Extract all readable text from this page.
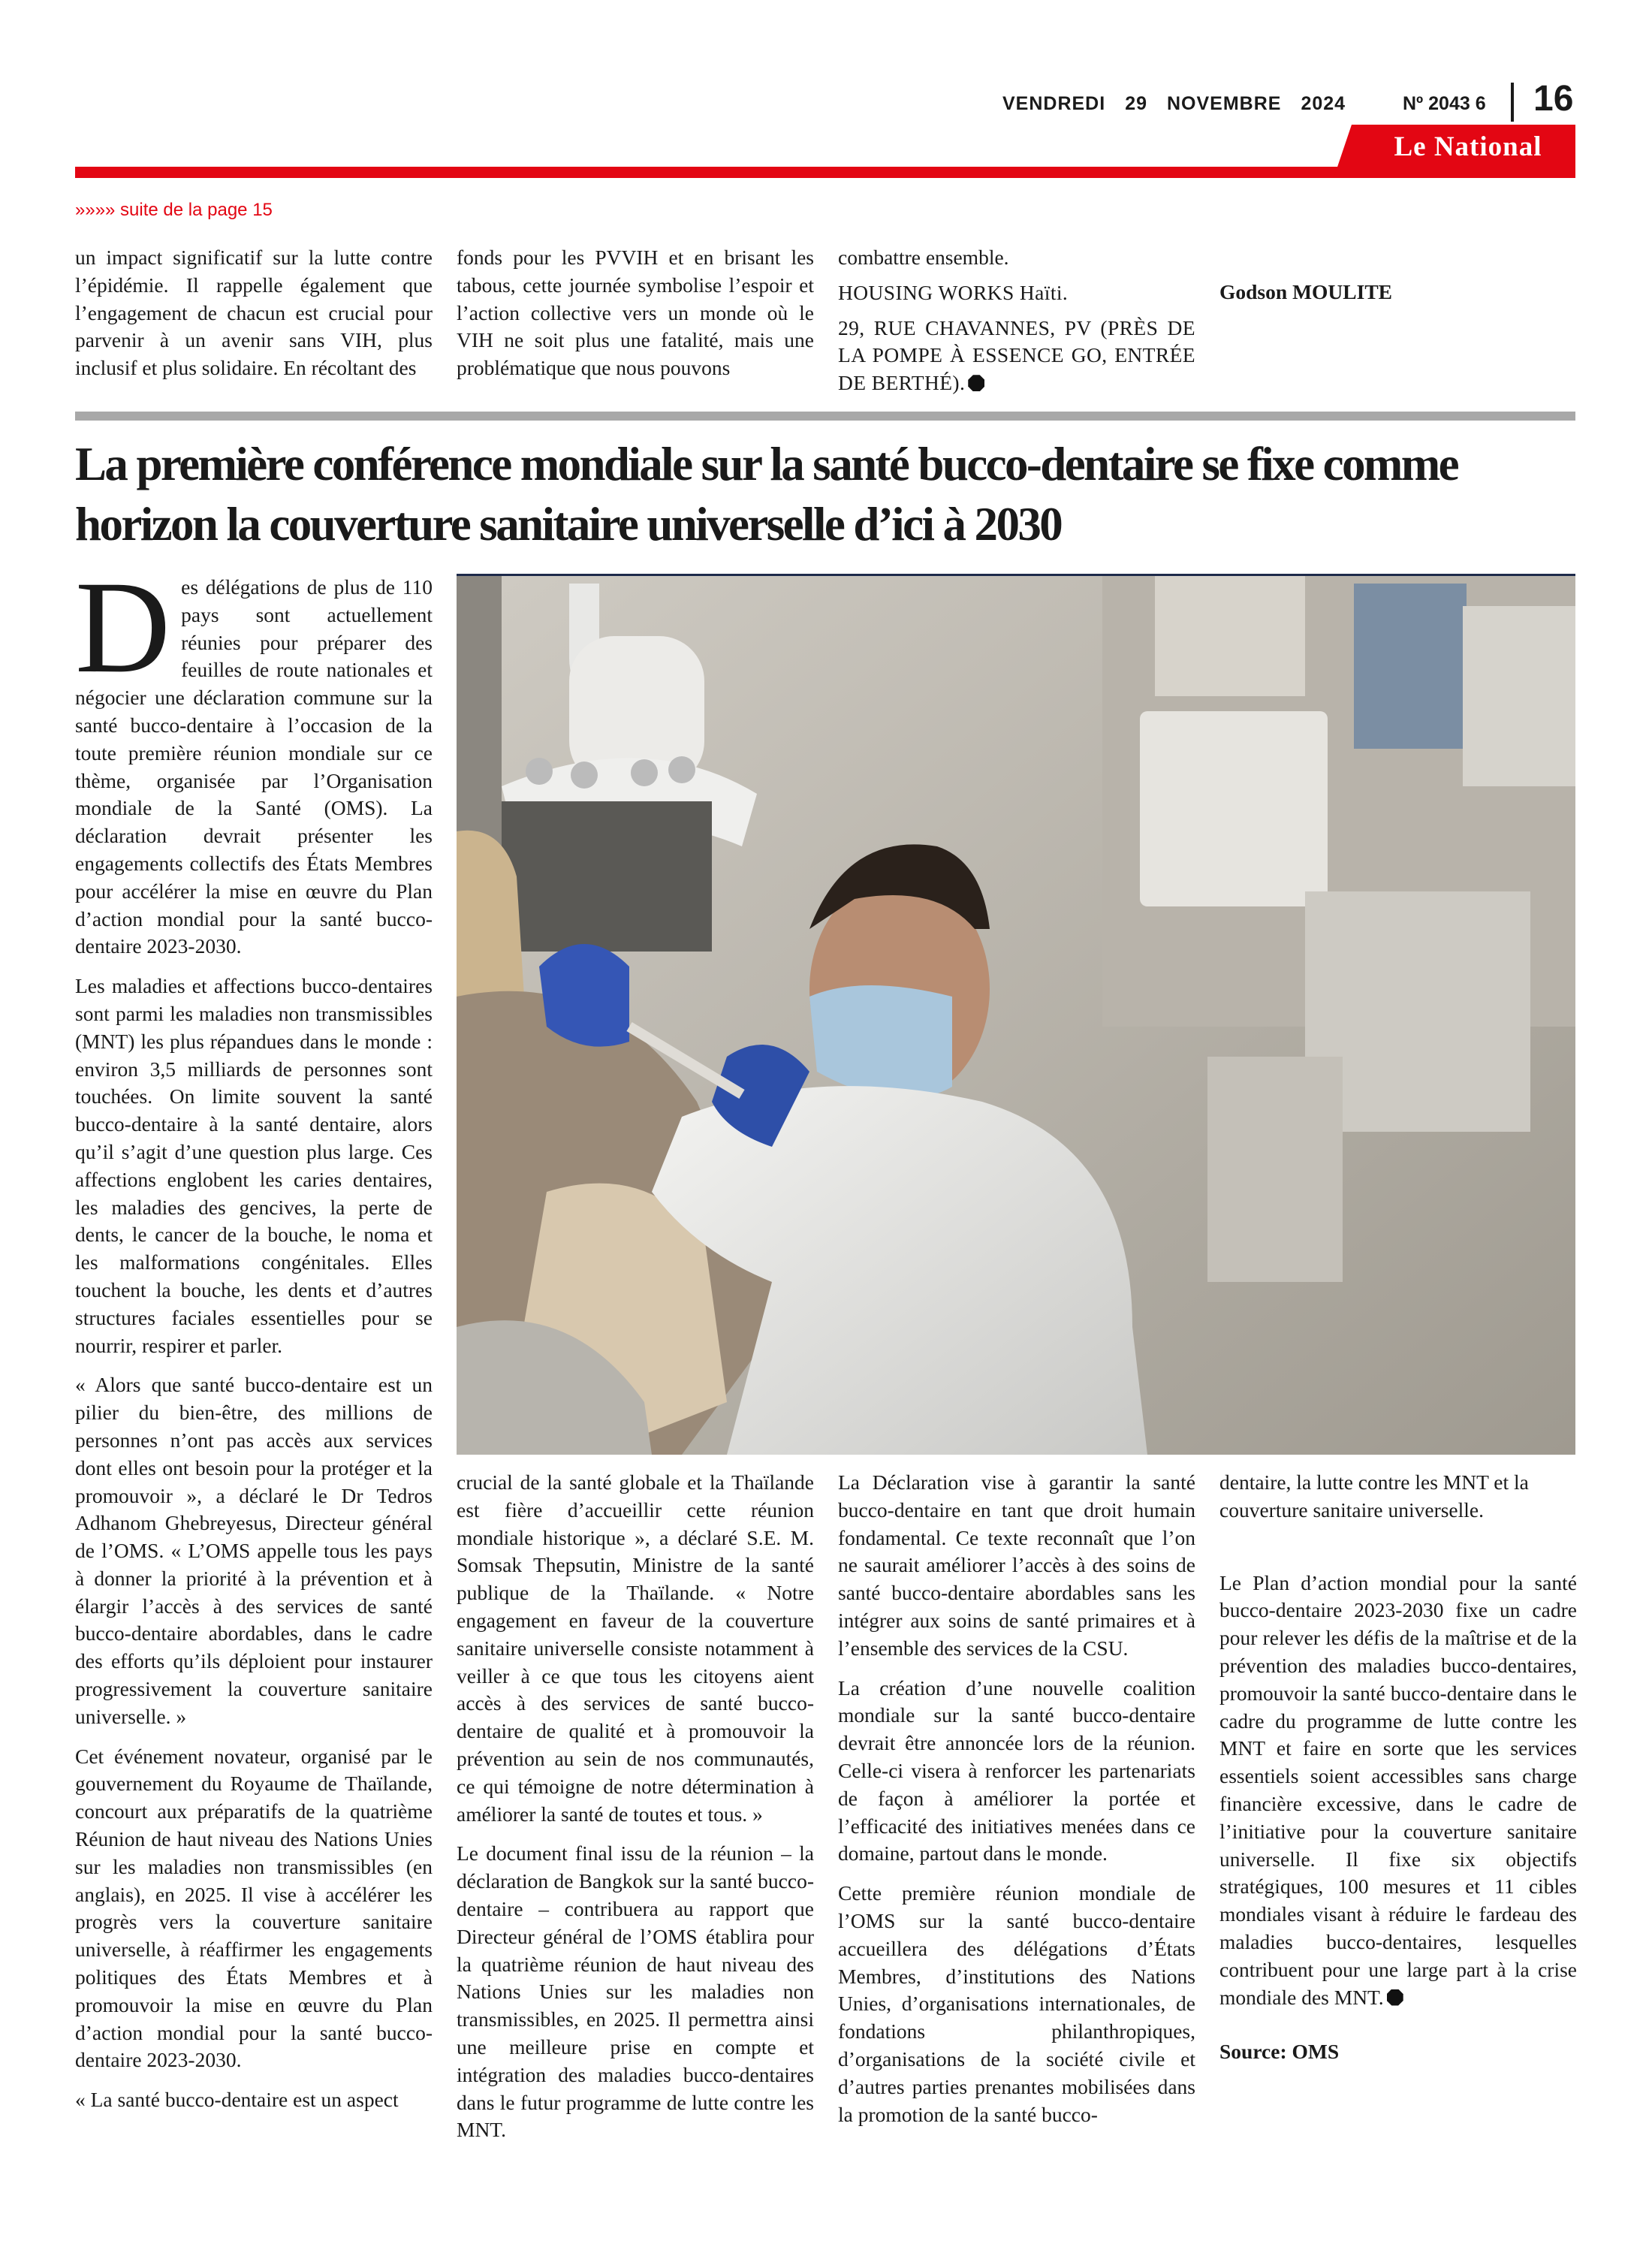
VENDREDI 29 NOVEMBRE 2024	Nº 2043 6 16
Le National
»»»» suite de la page 15

un impact significatif sur la lutte contre l’épidémie. Il rappelle également que l’engagement de chacun est crucial pour parvenir à un avenir sans VIH, plus inclusif et plus solidaire. En récoltant des

fonds pour les PVVIH et en brisant les tabous, cette journée symbolise l’espoir et l’action collective vers un monde où le VIH ne soit plus une fatalité, mais une problématique que nous pouvons

combattre ensemble.

HOUSING WORKS Haïti.

29, RUE CHAVANNES, PV (PRÈS DE LA POMPE À ESSENCE GO, ENTRÉE DE BERTHÉ).

Godson MOULITE
La première conférence mondiale sur la santé bucco-dentaire se fixe comme horizon la couverture sanitaire universelle d’ici à 2030

Des délégations de plus de 110 pays sont actuellement réunies pour préparer des feuilles de route nationales et négocier une déclaration commune sur la santé bucco-dentaire à l’occasion de la toute première réunion mondiale sur ce thème, organisée par l’Organisation mondiale de la Santé (OMS). La déclaration devrait présenter les engagements collectifs des États Membres pour accélérer la mise en œuvre du Plan d’action mondial pour la santé bucco-dentaire 2023-2030.

Les maladies et affections bucco-dentaires sont parmi les maladies non transmissibles (MNT) les plus répandues dans le monde : environ 3,5 milliards de personnes sont touchées. On limite souvent la santé bucco-dentaire à la santé dentaire, alors qu’il s’agit d’une question plus large. Ces affections englobent les caries dentaires, les maladies des gencives, la perte de dents, le cancer de la bouche, le noma et les malformations congénitales. Elles touchent la bouche, les dents et d’autres structures faciales essentielles pour se nourrir, respirer et parler.

« Alors que santé bucco-dentaire est un pilier du bien-être, des millions de personnes n’ont pas accès aux services dont elles ont besoin pour la protéger et la promouvoir », a déclaré le Dr Tedros Adhanom Ghebreyesus, Directeur général de l’OMS. « L’OMS appelle tous les pays à donner la priorité à la prévention et à élargir l’accès à des services de santé bucco-dentaire abordables, dans le cadre des efforts qu’ils déploient pour instaurer progressivement la couverture sanitaire universelle. »

Cet événement novateur, organisé par le gouvernement du Royaume de Thaïlande, concourt aux préparatifs de la quatrième Réunion de haut niveau des Nations Unies sur les maladies non transmissibles (en anglais), en 2025. Il vise à accélérer les progrès vers la couverture sanitaire universelle, à réaffirmer les engagements politiques des États Membres et à promouvoir la mise en œuvre du Plan d’action mondial pour la santé bucco-dentaire 2023-2030.

« La santé bucco-dentaire est un aspect

crucial de la santé globale et la Thaïlande est fière d’accueillir cette réunion mondiale historique », a déclaré S.E. M. Somsak Thepsutin, Ministre de la santé publique de la Thaïlande. « Notre engagement en faveur de la couverture sanitaire universelle consiste notamment à veiller à ce que tous les citoyens aient accès à des services de santé bucco-dentaire de qualité et à promouvoir la prévention au sein de nos communautés, ce qui témoigne de notre détermination à améliorer la santé de toutes et tous. »

Le document final issu de la réunion – la déclaration de Bangkok sur la santé bucco-dentaire – contribuera au rapport que Directeur général de l’OMS établira pour la quatrième réunion de haut niveau des Nations Unies sur les maladies non transmissibles, en 2025. Il permettra ainsi une meilleure prise en compte et intégration des maladies bucco-dentaires dans le futur programme de lutte contre les MNT.

La Déclaration vise à garantir la santé bucco-dentaire en tant que droit humain fondamental. Ce texte reconnaît que l’on ne saurait améliorer l’accès à des soins de santé bucco-dentaire abordables sans les intégrer aux soins de santé primaires et à l’ensemble des services de la CSU.

La création d’une nouvelle coalition mondiale sur la santé bucco-dentaire devrait être annoncée lors de la réunion. Celle-ci visera à renforcer les partenariats de façon à améliorer la portée et l’efficacité des initiatives menées dans ce domaine, partout dans le monde.

Cette première réunion mondiale de l’OMS sur la santé bucco-dentaire accueillera des délégations d’États Membres, d’institutions des Nations Unies, d’organisations internationales, de fondations philanthropiques, d’organisations de la société civile et d’autres parties prenantes mobilisées dans la promotion de la santé bucco-

dentaire, la lutte contre les MNT et la couverture sanitaire universelle.

Le Plan d’action mondial pour la santé bucco-dentaire 2023-2030 fixe un cadre pour relever les défis de la maîtrise et de la prévention des maladies bucco-dentaires, promouvoir la santé bucco-dentaire dans le cadre du programme de lutte contre les MNT et faire en sorte que les services essentiels soient accessibles sans charge financière excessive, dans le cadre de l’initiative pour la couverture sanitaire universelle. Il fixe six objectifs stratégiques, 100 mesures et 11 cibles mondiales visant à réduire le fardeau des maladies bucco-dentaires, lesquelles contribuent pour une large part à la crise mondiale des MNT.

Source: OMS
